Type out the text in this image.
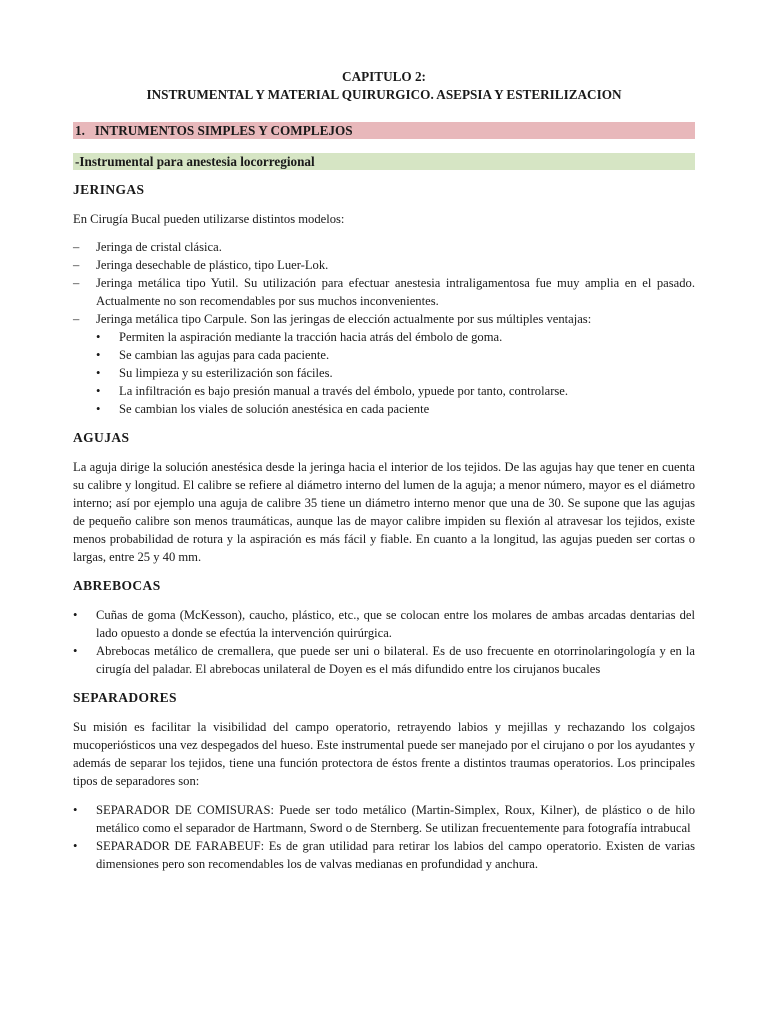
CAPITULO 2:
INSTRUMENTAL Y MATERIAL QUIRURGICO. ASEPSIA Y ESTERILIZACION
1.   INTRUMENTOS SIMPLES Y COMPLEJOS
-Instrumental para anestesia locorregional
JERINGAS

En Cirugía Bucal pueden utilizarse distintos modelos:

– Jeringa de cristal clásica.
– Jeringa desechable de plástico, tipo Luer-Lok.
– Jeringa metálica tipo Yutil. Su utilización para efectuar anestesia intraligamentosa fue muy amplia en el pasado. Actualmente no son recomendables por sus muchos inconvenientes.
– Jeringa metálica tipo Carpule. Son las jeringas de elección actualmente por sus múltiples ventajas:
• Permiten la aspiración mediante la tracción hacia atrás del émbolo de goma.
• Se cambian las agujas para cada paciente.
• Su limpieza y su esterilización son fáciles.
• La infiltración es bajo presión manual a través del émbolo, ypuede por tanto, controlarse.
• Se cambian los viales de solución anestésica en cada paciente
AGUJAS

La aguja dirige la solución anestésica desde la jeringa hacia el interior de los tejidos. De las agujas hay que tener en cuenta su calibre y longitud. El calibre se refiere al diámetro interno del lumen de la aguja; a menor número, mayor es el diámetro interno; así por ejemplo una aguja de calibre 35 tiene un diámetro interno menor que una de 30. Se supone que las agujas de pequeño calibre son menos traumáticas, aunque las de mayor calibre impiden su flexión al atravesar los tejidos, existe menos probabilidad de rotura y la aspiración es más fácil y fiable. En cuanto a la longitud, las agujas pueden ser cortas o largas, entre 25 y 40 mm.

ABREBOCAS
• Cuñas de goma (McKesson), caucho, plástico, etc., que se colocan entre los molares de ambas arcadas dentarias del lado opuesto a donde se efectúa la intervención quirúrgica.
• Abrebocas metálico de cremallera, que puede ser uni o bilateral. Es de uso frecuente en otorrinolaringología y en la cirugía del paladar. El abrebocas unilateral de Doyen es el más difundido entre los cirujanos bucales
SEPARADORES

Su misión es facilitar la visibilidad del campo operatorio, retrayendo labios y mejillas y rechazando los colgajos mucoperiósticos una vez despegados del hueso. Este instrumental puede ser manejado por el cirujano o por los ayudantes y además de separar los tejidos, tiene una función protectora de éstos frente a distintos traumas operatorios. Los principales tipos de separadores son:

• SEPARADOR DE COMISURAS: Puede ser todo metálico (Martin-Simplex, Roux, Kilner), de plástico o de hilo metálico como el separador de Hartmann, Sword o de Sternberg. Se utilizan frecuentemente para fotografía intrabucal
• SEPARADOR DE FARABEUF: Es de gran utilidad para retirar los labios del campo operatorio. Existen de varias dimensiones pero son recomendables los de valvas medianas en profundidad y anchura.
